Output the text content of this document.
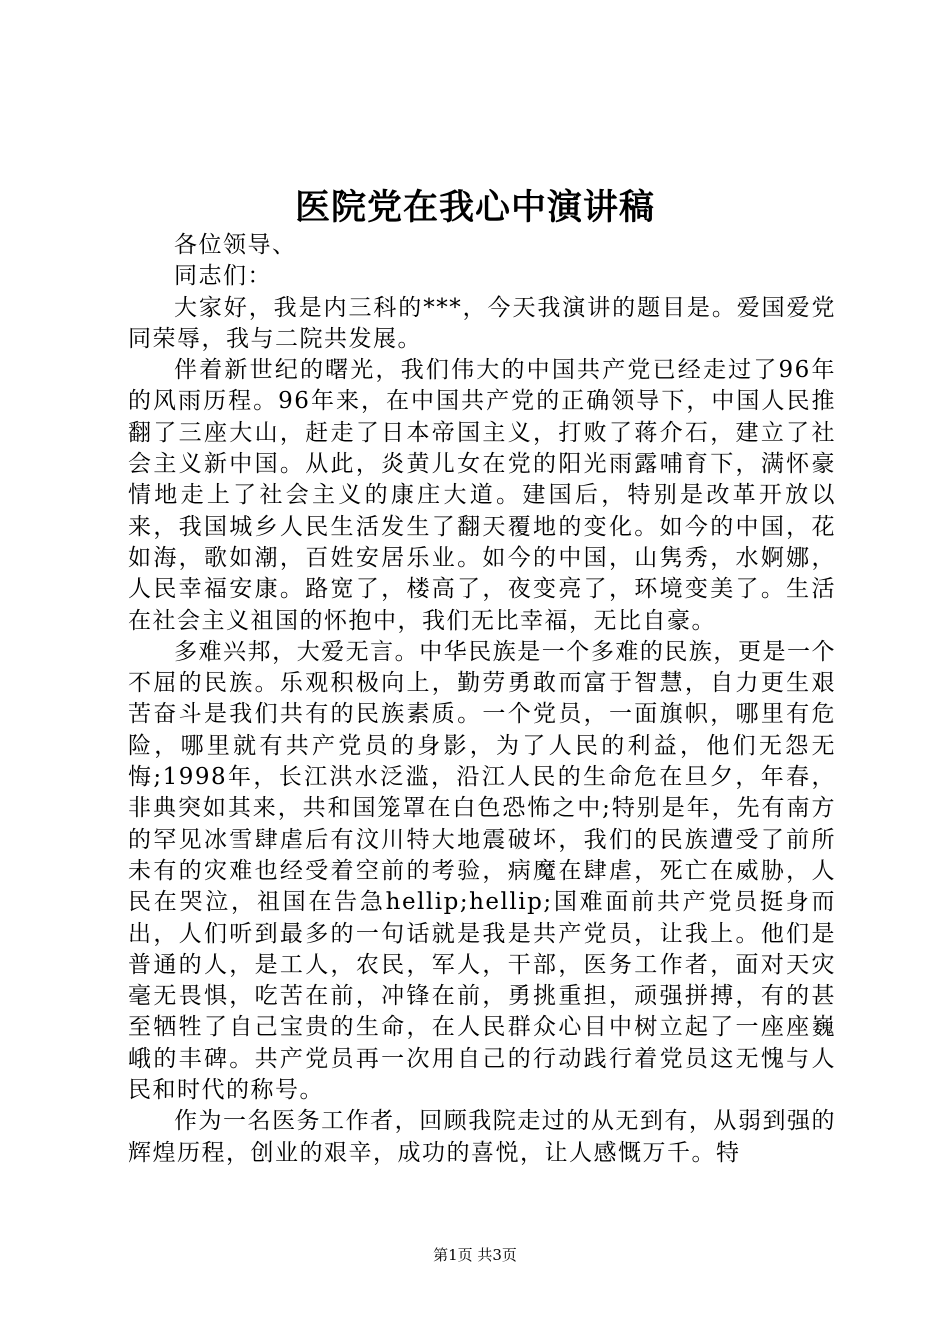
医院党在我心中演讲稿

各位领导、

同志们：

大家好，我是内三科的***，今天我演讲的题目是。爱国爱党同荣辱，我与二院共发展。

伴着新世纪的曙光，我们伟大的中国共产党已经走过了96年的风雨历程。96年来，在中国共产党的正确领导下，中国人民推翻了三座大山，赶走了日本帝国主义，打败了蒋介石，建立了社会主义新中国。从此，炎黄儿女在党的阳光雨露哺育下，满怀豪情地走上了社会主义的康庄大道。建国后，特别是改革开放以来，我国城乡人民生活发生了翻天覆地的变化。如今的中国，花如海，歌如潮，百姓安居乐业。如今的中国，山隽秀，水婀娜，人民幸福安康。路宽了，楼高了，夜变亮了，环境变美了。生活在社会主义祖国的怀抱中，我们无比幸福，无比自豪。

多难兴邦，大爱无言。中华民族是一个多难的民族，更是一个不屈的民族。乐观积极向上，勤劳勇敢而富于智慧，自力更生艰苦奋斗是我们共有的民族素质。一个党员，一面旗帜，哪里有危险，哪里就有共产党员的身影，为了人民的利益，他们无怨无悔;1998年，长江洪水泛滥，沿江人民的生命危在旦夕，年春，非典突如其来，共和国笼罩在白色恐怖之中;特别是年，先有南方的罕见冰雪肆虐后有汶川特大地震破坏，我们的民族遭受了前所未有的灾难也经受着空前的考验，病魔在肆虐，死亡在威胁，人民在哭泣，祖国在告急hellip;hellip;国难面前共产党员挺身而出，人们听到最多的一句话就是我是共产党员，让我上。他们是普通的人，是工人，农民，军人，干部，医务工作者，面对天灾毫无畏惧，吃苦在前，冲锋在前，勇挑重担，顽强拼搏，有的甚至牺牲了自己宝贵的生命，在人民群众心目中树立起了一座座巍峨的丰碑。共产党员再一次用自己的行动践行着党员这无愧与人民和时代的称号。

作为一名医务工作者，回顾我院走过的从无到有，从弱到强的辉煌历程，创业的艰辛，成功的喜悦，让人感慨万千。特

第1页 共3页
